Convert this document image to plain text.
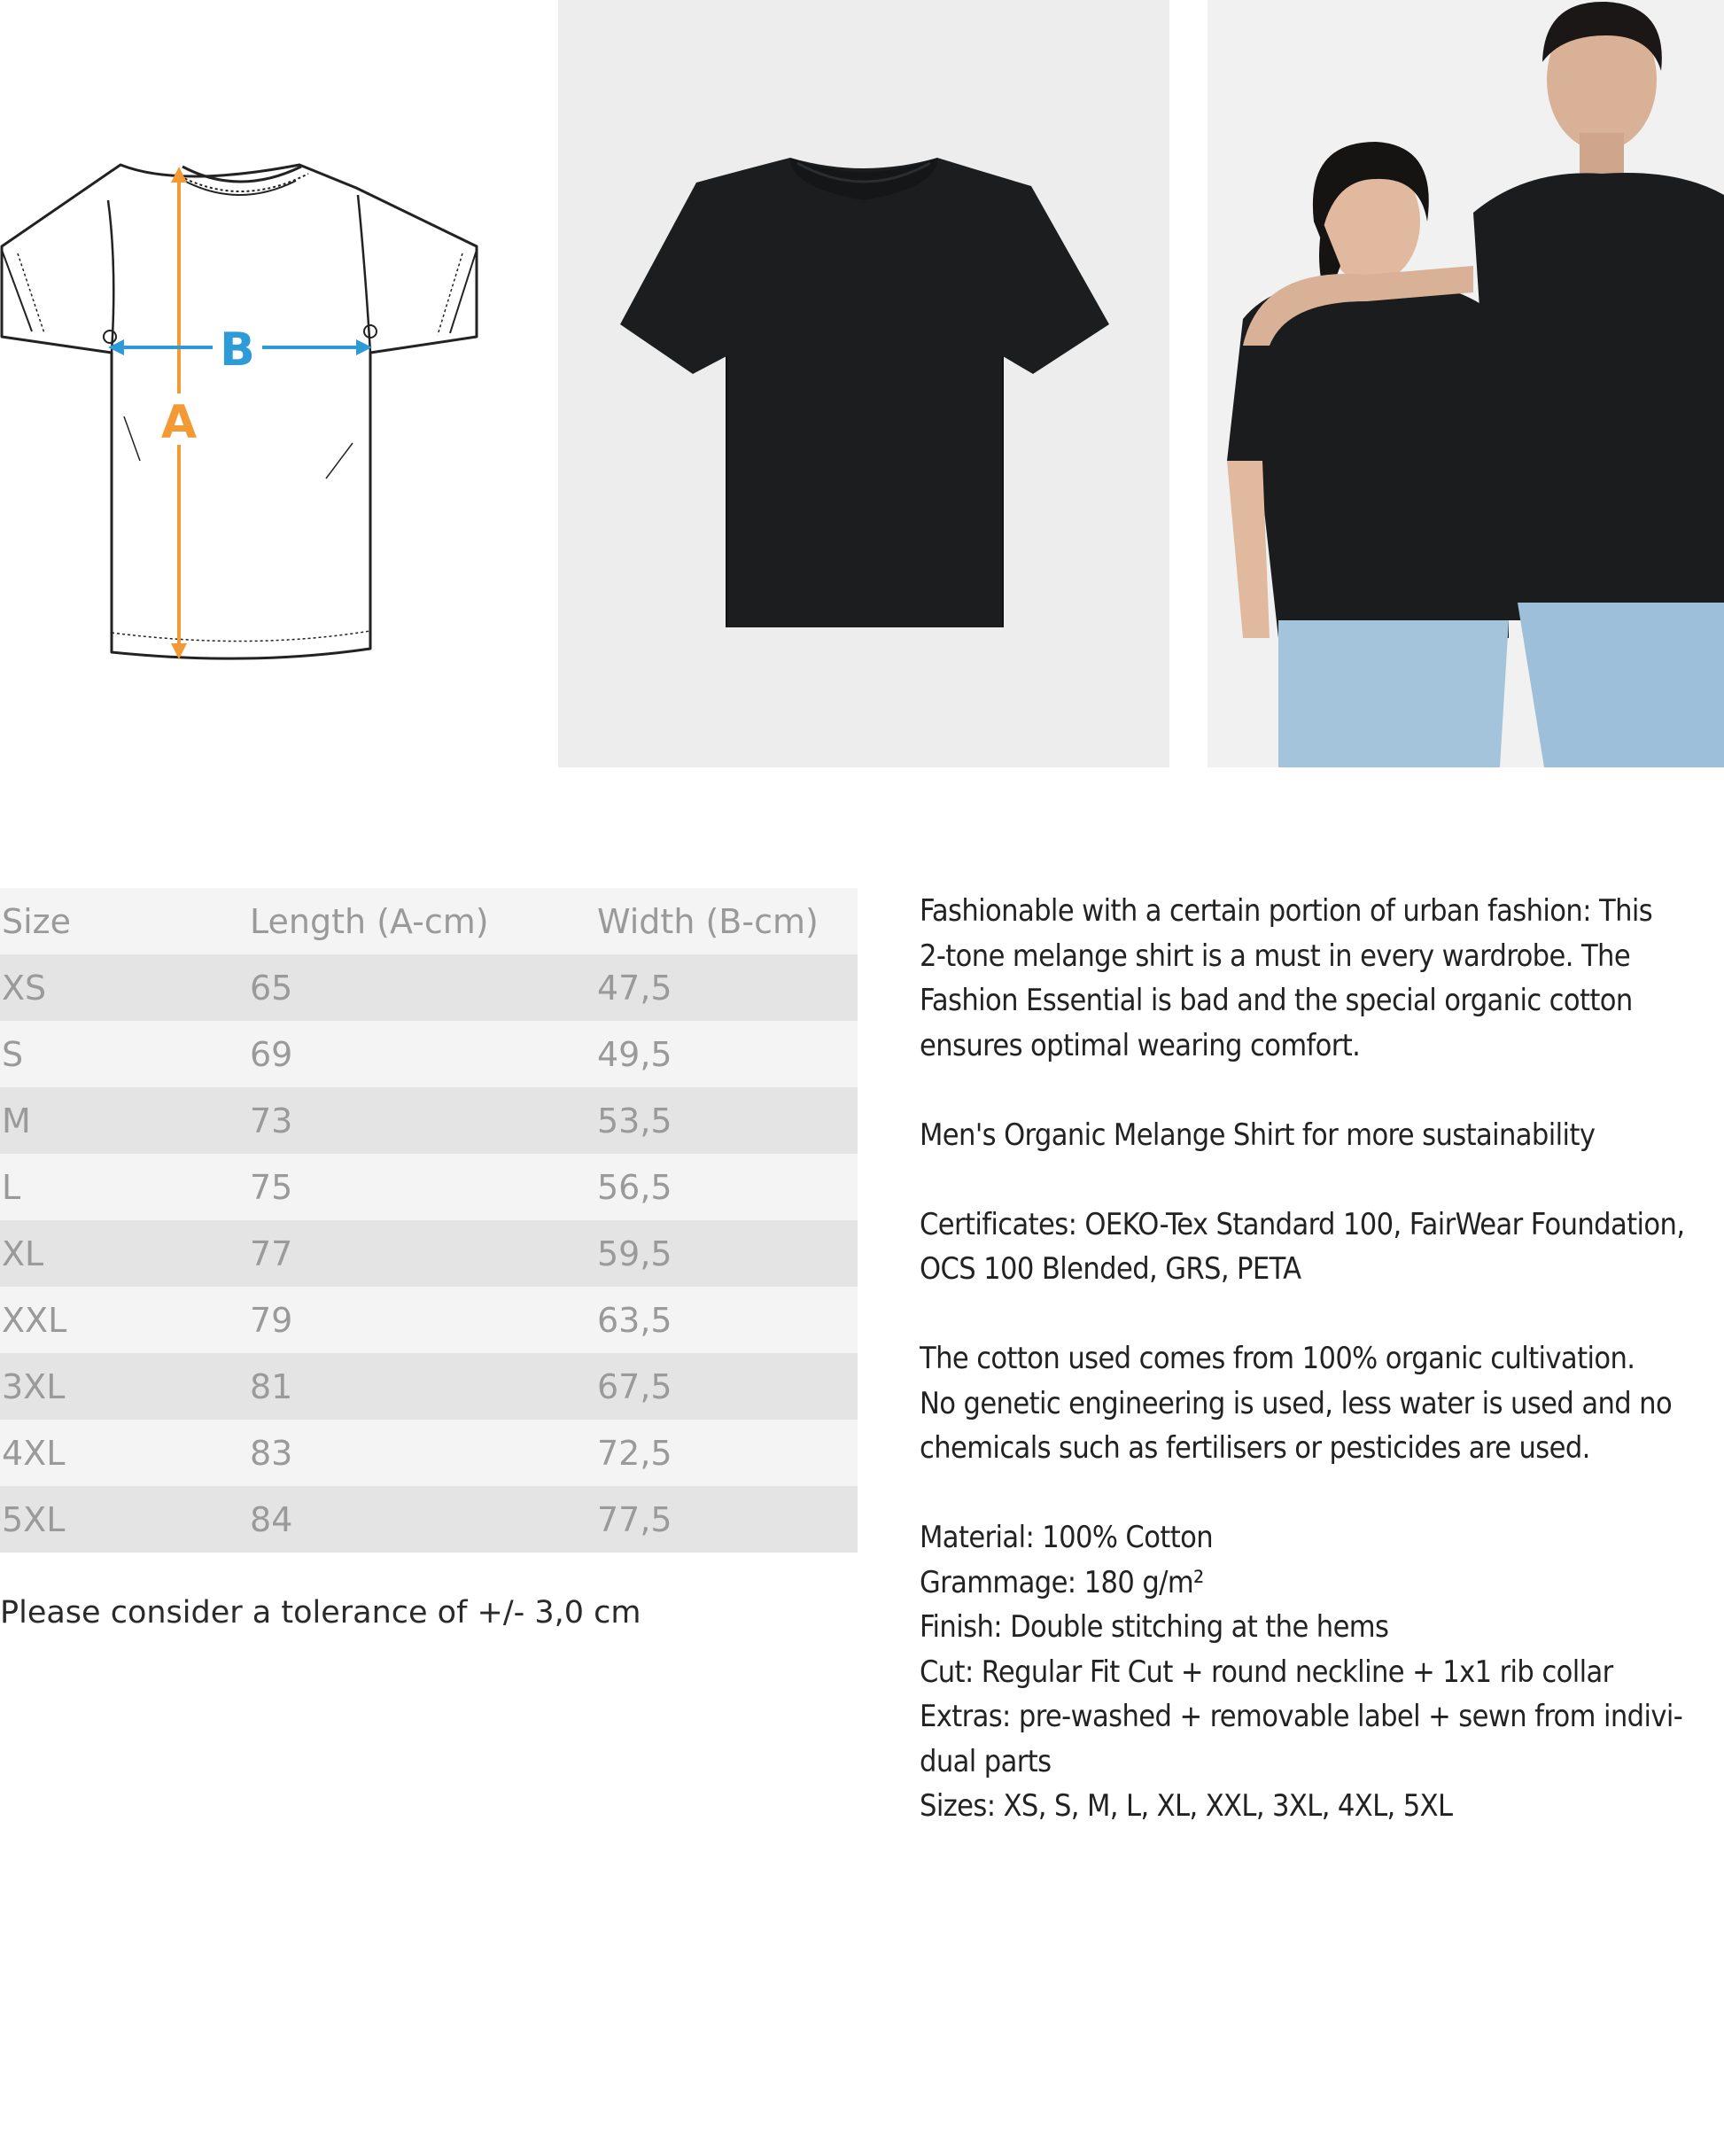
B
A
Size	Length (A-cm)	Width (B-cm)
XS	65	47,5
S	69	49,5
M	73	53,5
L	75	56,5
XL	77	59,5
XXL	79	63,5
3XL	81	67,5
4XL	83	72,5
5XL	84	77,5
Please consider a tolerance of +/- 3,0 cm

Fashionable with a certain portion of urban fashion: This
2-tone melange shirt is a must in every wardrobe. The
Fashion Essential is bad and the special organic cotton
ensures optimal wearing comfort.

Men's Organic Melange Shirt for more sustainability

Certificates: OEKO-Tex Standard 100, FairWear Foundation,
OCS 100 Blended, GRS, PETA

The cotton used comes from 100% organic cultivation.
No genetic engineering is used, less water is used and no
chemicals such as fertilisers or pesticides are used.

Material: 100% Cotton
Grammage: 180 g/m²
Finish: Double stitching at the hems
Cut: Regular Fit Cut + round neckline + 1x1 rib collar
Extras: pre-washed + removable label + sewn from indivi-
dual parts
Sizes: XS, S, M, L, XL, XXL, 3XL, 4XL, 5XL
